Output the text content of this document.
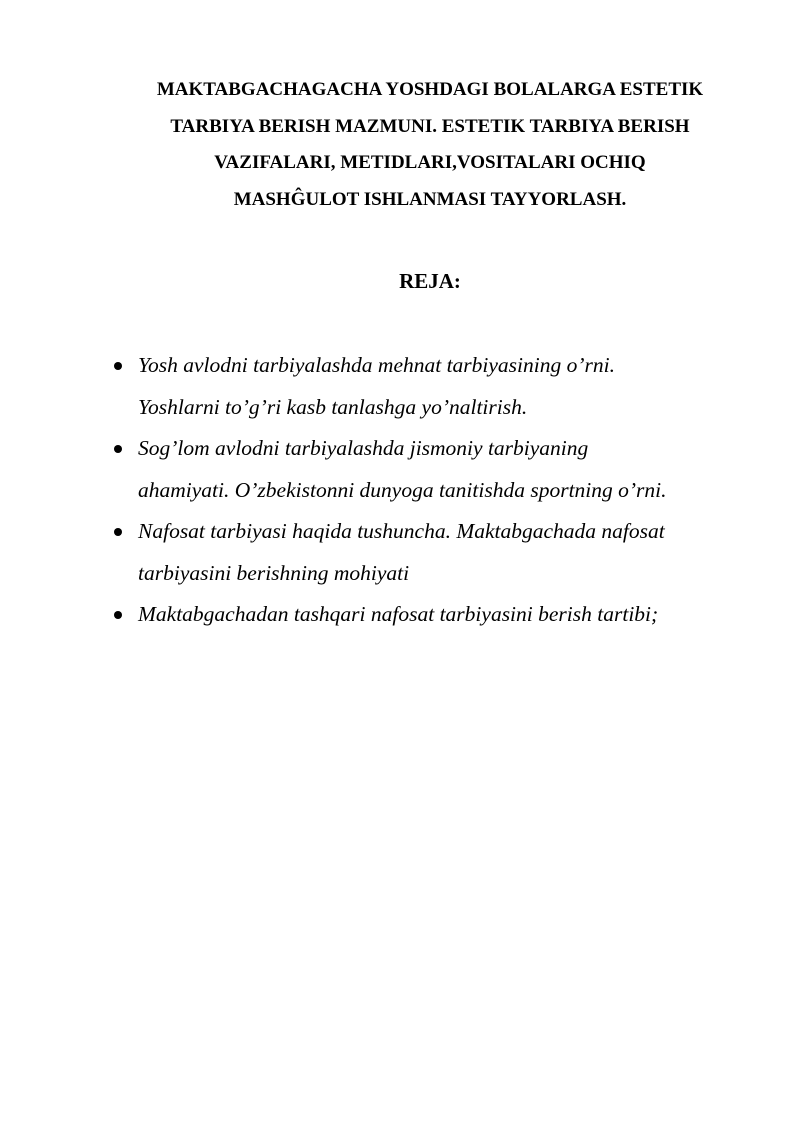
MAKTABGACHAGACHA YOSHDAGI BOLALARGA ESTETIK
TARBIYA BERISH MAZMUNI. ESTETIK TARBIYA BERISH
VAZIFALARI, METIDLARI,VOSITALARI OCHIQ
MASHĜULOT ISHLANMASI TAYYORLASH.
REJA:
Yosh avlodni tarbiyalashda mehnat tarbiyasining o’rni.
Yoshlarni to’g’ri kasb tanlashga yo’naltirish.
Sog’lom avlodni tarbiyalashda jismoniy tarbiyaning
ahamiyati. O’zbekistonni dunyoga tanitishda sportning o’rni.
Nafosat tarbiyasi haqida tushuncha. Maktabgachada nafosat
tarbiyasini berishning mohiyati
Maktabgachadan tashqari nafosat tarbiyasini berish tartibi;
